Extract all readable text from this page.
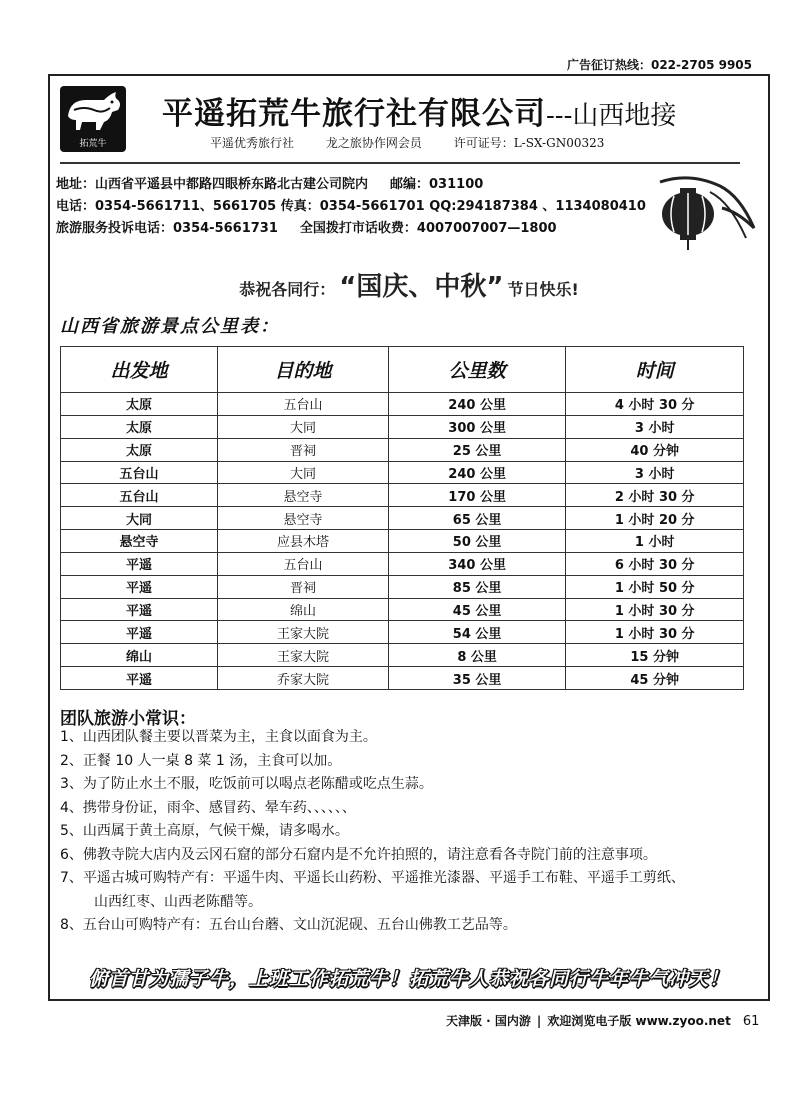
广告征订热线：022-2705 9905
拓荒牛
平遥拓荒牛旅行社有限公司---山西地接
平遥优秀旅行社	龙之旅协作网会员	许可证号：L-SX-GN00323
地址：山西省平遥县中都路四眼桥东路北古建公司院内 邮编：031100
电话：0354-5661711、5661705 传真：0354-5661701 QQ:294187384 、1134080410
旅游服务投诉电话：0354-5661731 全国拨打市话收费：4007007007—1800
恭祝各同行： “国庆、中秋” 节日快乐!
山西省旅游景点公里表：
出发地	目的地	公里数	时间
太原	五台山	240 公里	4 小时 30 分
太原	大同	300 公里	3 小时
太原	晋祠	25 公里	40 分钟
五台山	大同	240 公里	3 小时
五台山	悬空寺	170 公里	2 小时 30 分
大同	悬空寺	65 公里	1 小时 20 分
悬空寺	应县木塔	50 公里	1 小时
平遥	五台山	340 公里	6 小时 30 分
平遥	晋祠	85 公里	1 小时 50 分
平遥	绵山	45 公里	1 小时 30 分
平遥	王家大院	54 公里	1 小时 30 分
绵山	王家大院	8 公里	15 分钟
平遥	乔家大院	35 公里	45 分钟
团队旅游小常识：
1、山西团队餐主要以晋菜为主，主食以面食为主。
2、正餐 10 人一桌 8 菜 1 汤，主食可以加。
3、为了防止水土不服，吃饭前可以喝点老陈醋或吃点生蒜。
4、携带身份证，雨伞、感冒药、晕车药、、、、、、
5、山西属于黄土高原，气候干燥，请多喝水。
6、佛教寺院大店内及云冈石窟的部分石窟内是不允许拍照的，请注意看各寺院门前的注意事项。
7、平遥古城可购特产有：平遥牛肉、平遥长山药粉、平遥推光漆器、平遥手工布鞋、平遥手工剪纸、
山西红枣、山西老陈醋等。
8、五台山可购特产有：五台山台蘑、文山沉泥砚、五台山佛教工艺品等。
俯首甘为孺子牛，上班工作拓荒牛！拓荒牛人恭祝各同行牛年牛气冲天！
天津版 · 国内游 | 欢迎浏览电子版 www.zyoo.net 61
